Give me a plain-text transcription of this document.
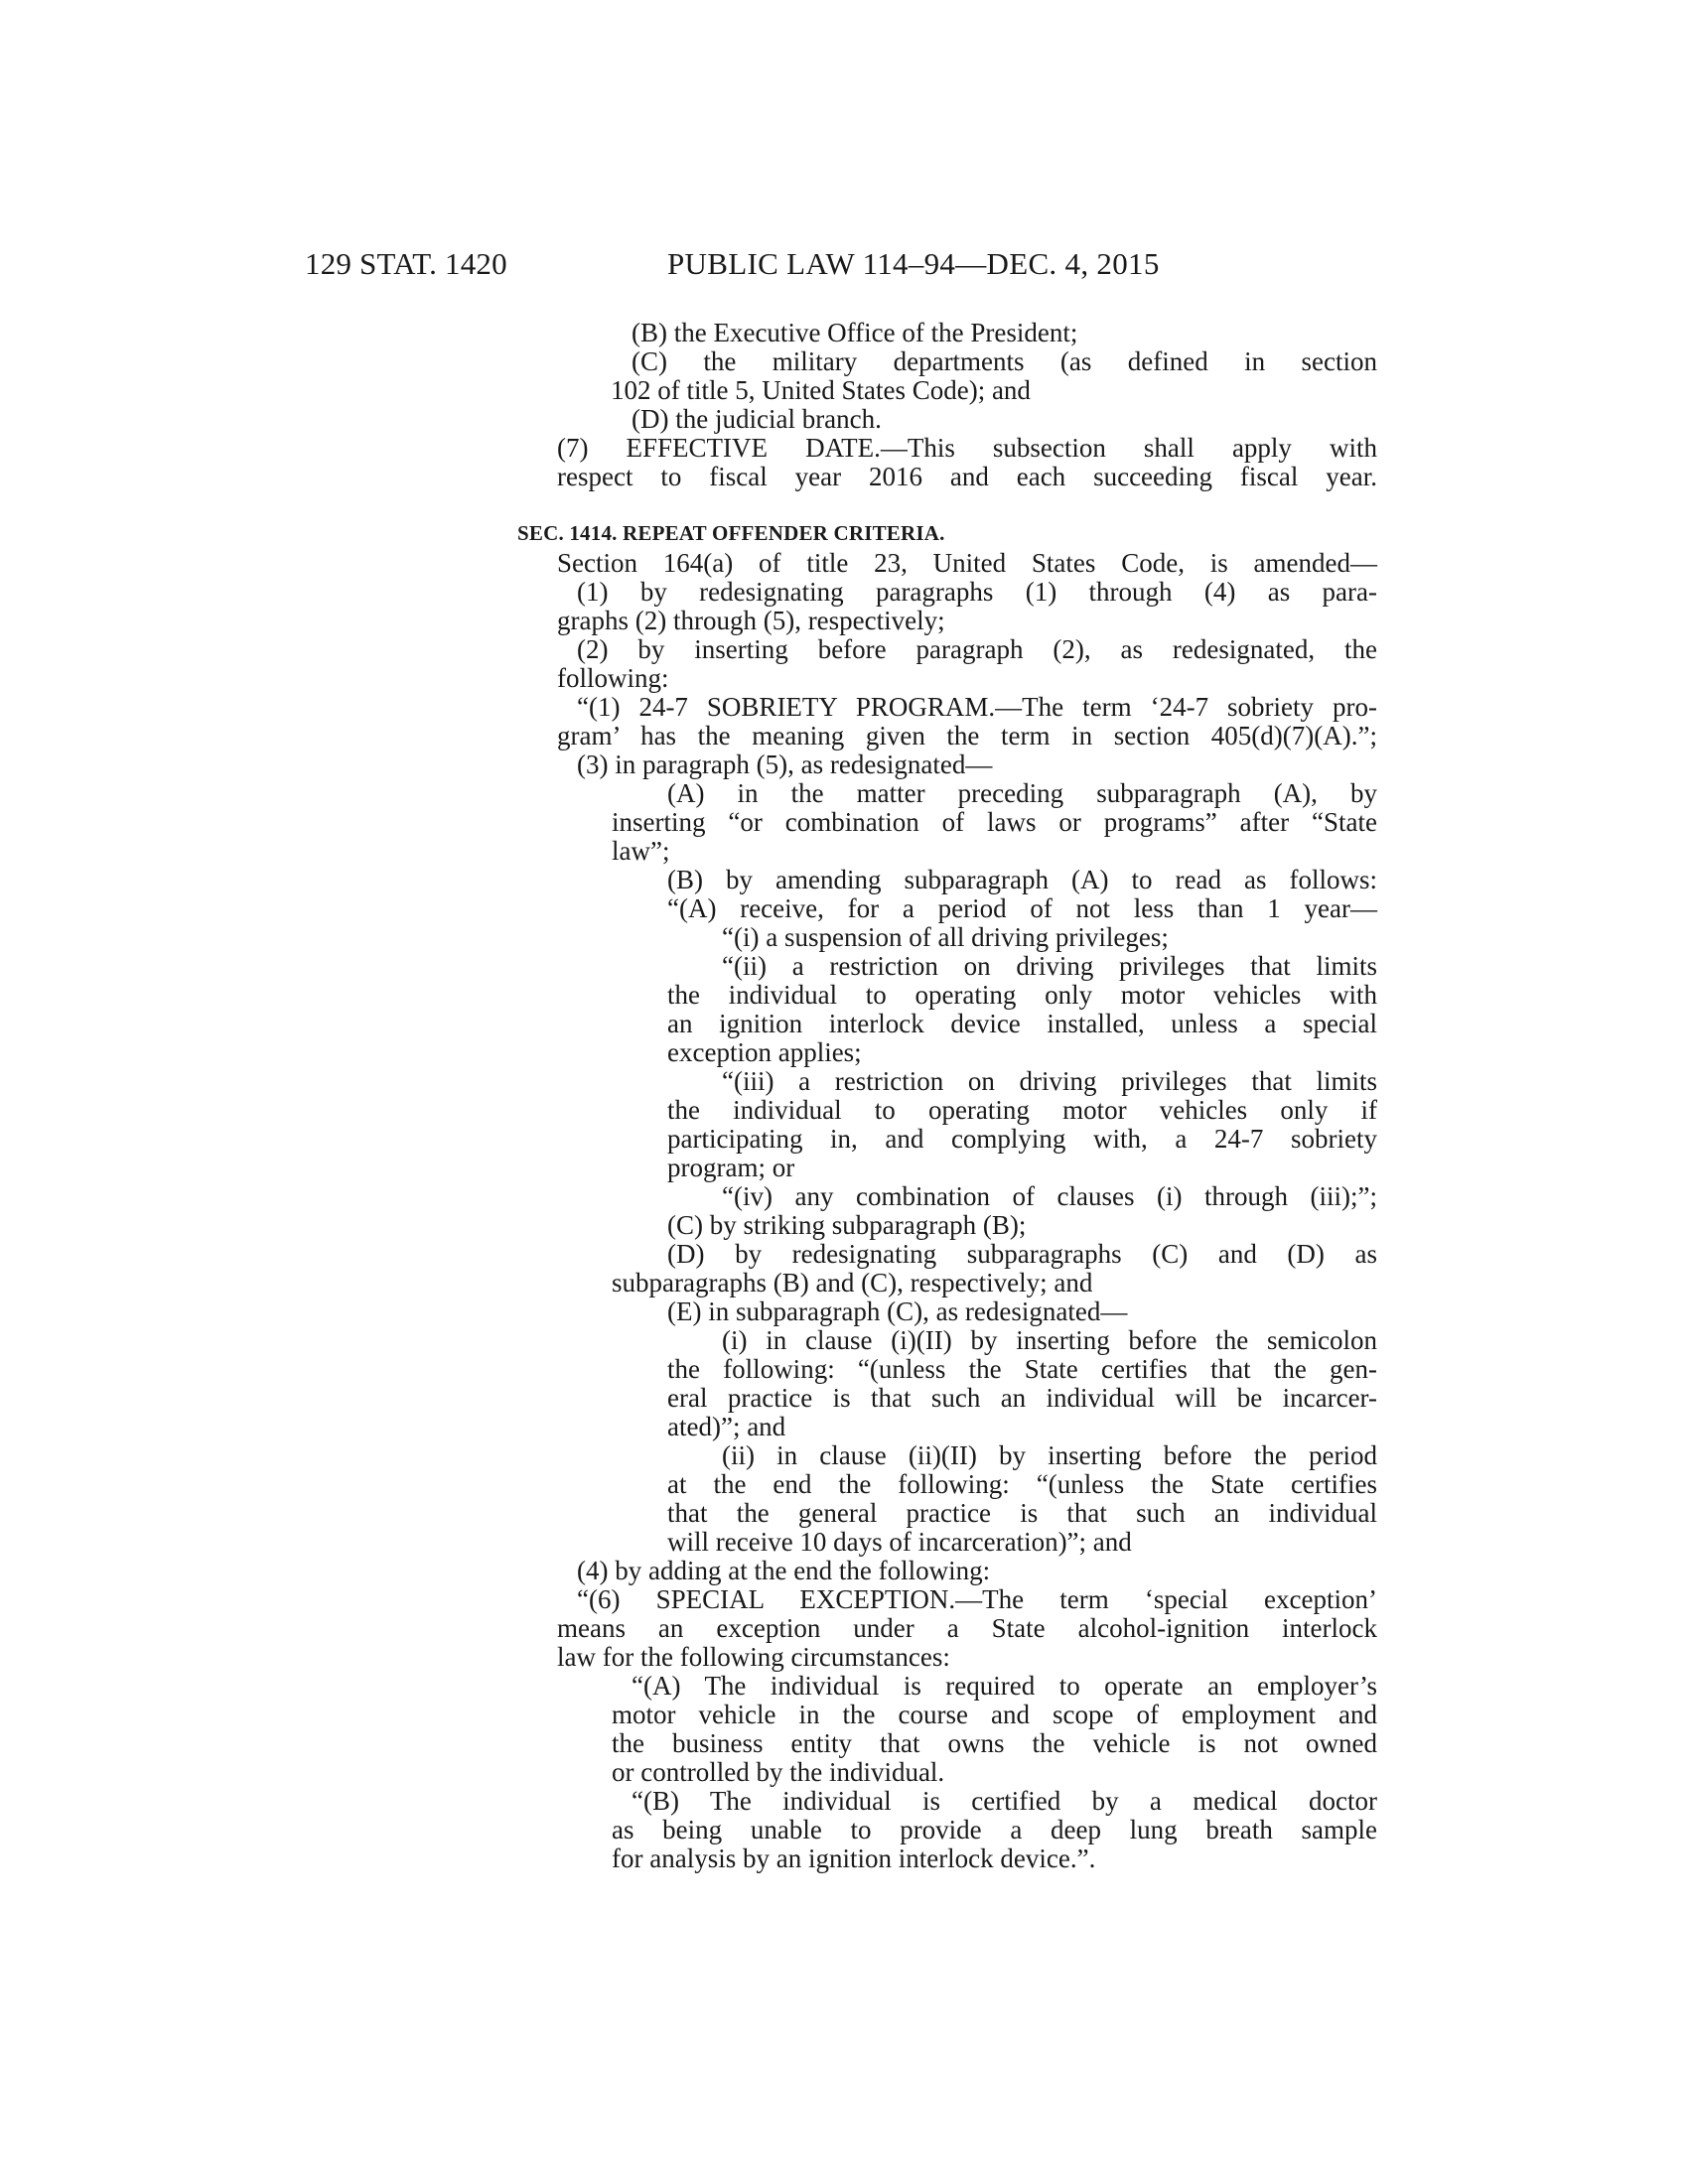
129 STAT. 1420	PUBLIC LAW 114–94—DEC. 4, 2015
(B) the Executive Office of the President;
(C) the military departments (as defined in section
102 of title 5, United States Code); and
(D) the judicial branch.
(7) EFFECTIVE DATE.—This subsection shall apply with
respect to fiscal year 2016 and each succeeding fiscal year.
SEC. 1414. REPEAT OFFENDER CRITERIA.
Section 164(a) of title 23, United States Code, is amended—
(1) by redesignating paragraphs (1) through (4) as para-
graphs (2) through (5), respectively;
(2) by inserting before paragraph (2), as redesignated, the
following:
“(1) 24-7 SOBRIETY PROGRAM.—The term ‘24-7 sobriety pro-
gram’ has the meaning given the term in section 405(d)(7)(A).”;
(3) in paragraph (5), as redesignated—
(A) in the matter preceding subparagraph (A), by
inserting “or combination of laws or programs” after “State
law”;
(B) by amending subparagraph (A) to read as follows:
“(A) receive, for a period of not less than 1 year—
“(i) a suspension of all driving privileges;
“(ii) a restriction on driving privileges that limits
the individual to operating only motor vehicles with
an ignition interlock device installed, unless a special
exception applies;
“(iii) a restriction on driving privileges that limits
the individual to operating motor vehicles only if
participating in, and complying with, a 24-7 sobriety
program; or
“(iv) any combination of clauses (i) through (iii);”;
(C) by striking subparagraph (B);
(D) by redesignating subparagraphs (C) and (D) as
subparagraphs (B) and (C), respectively; and
(E) in subparagraph (C), as redesignated—
(i) in clause (i)(II) by inserting before the semicolon
the following: “(unless the State certifies that the gen-
eral practice is that such an individual will be incarcer-
ated)”; and
(ii) in clause (ii)(II) by inserting before the period
at the end the following: “(unless the State certifies
that the general practice is that such an individual
will receive 10 days of incarceration)”; and
(4) by adding at the end the following:
“(6) SPECIAL EXCEPTION.—The term ‘special exception’
means an exception under a State alcohol-ignition interlock
law for the following circumstances:
“(A) The individual is required to operate an employer’s
motor vehicle in the course and scope of employment and
the business entity that owns the vehicle is not owned
or controlled by the individual.
“(B) The individual is certified by a medical doctor
as being unable to provide a deep lung breath sample
for analysis by an ignition interlock device.”.
